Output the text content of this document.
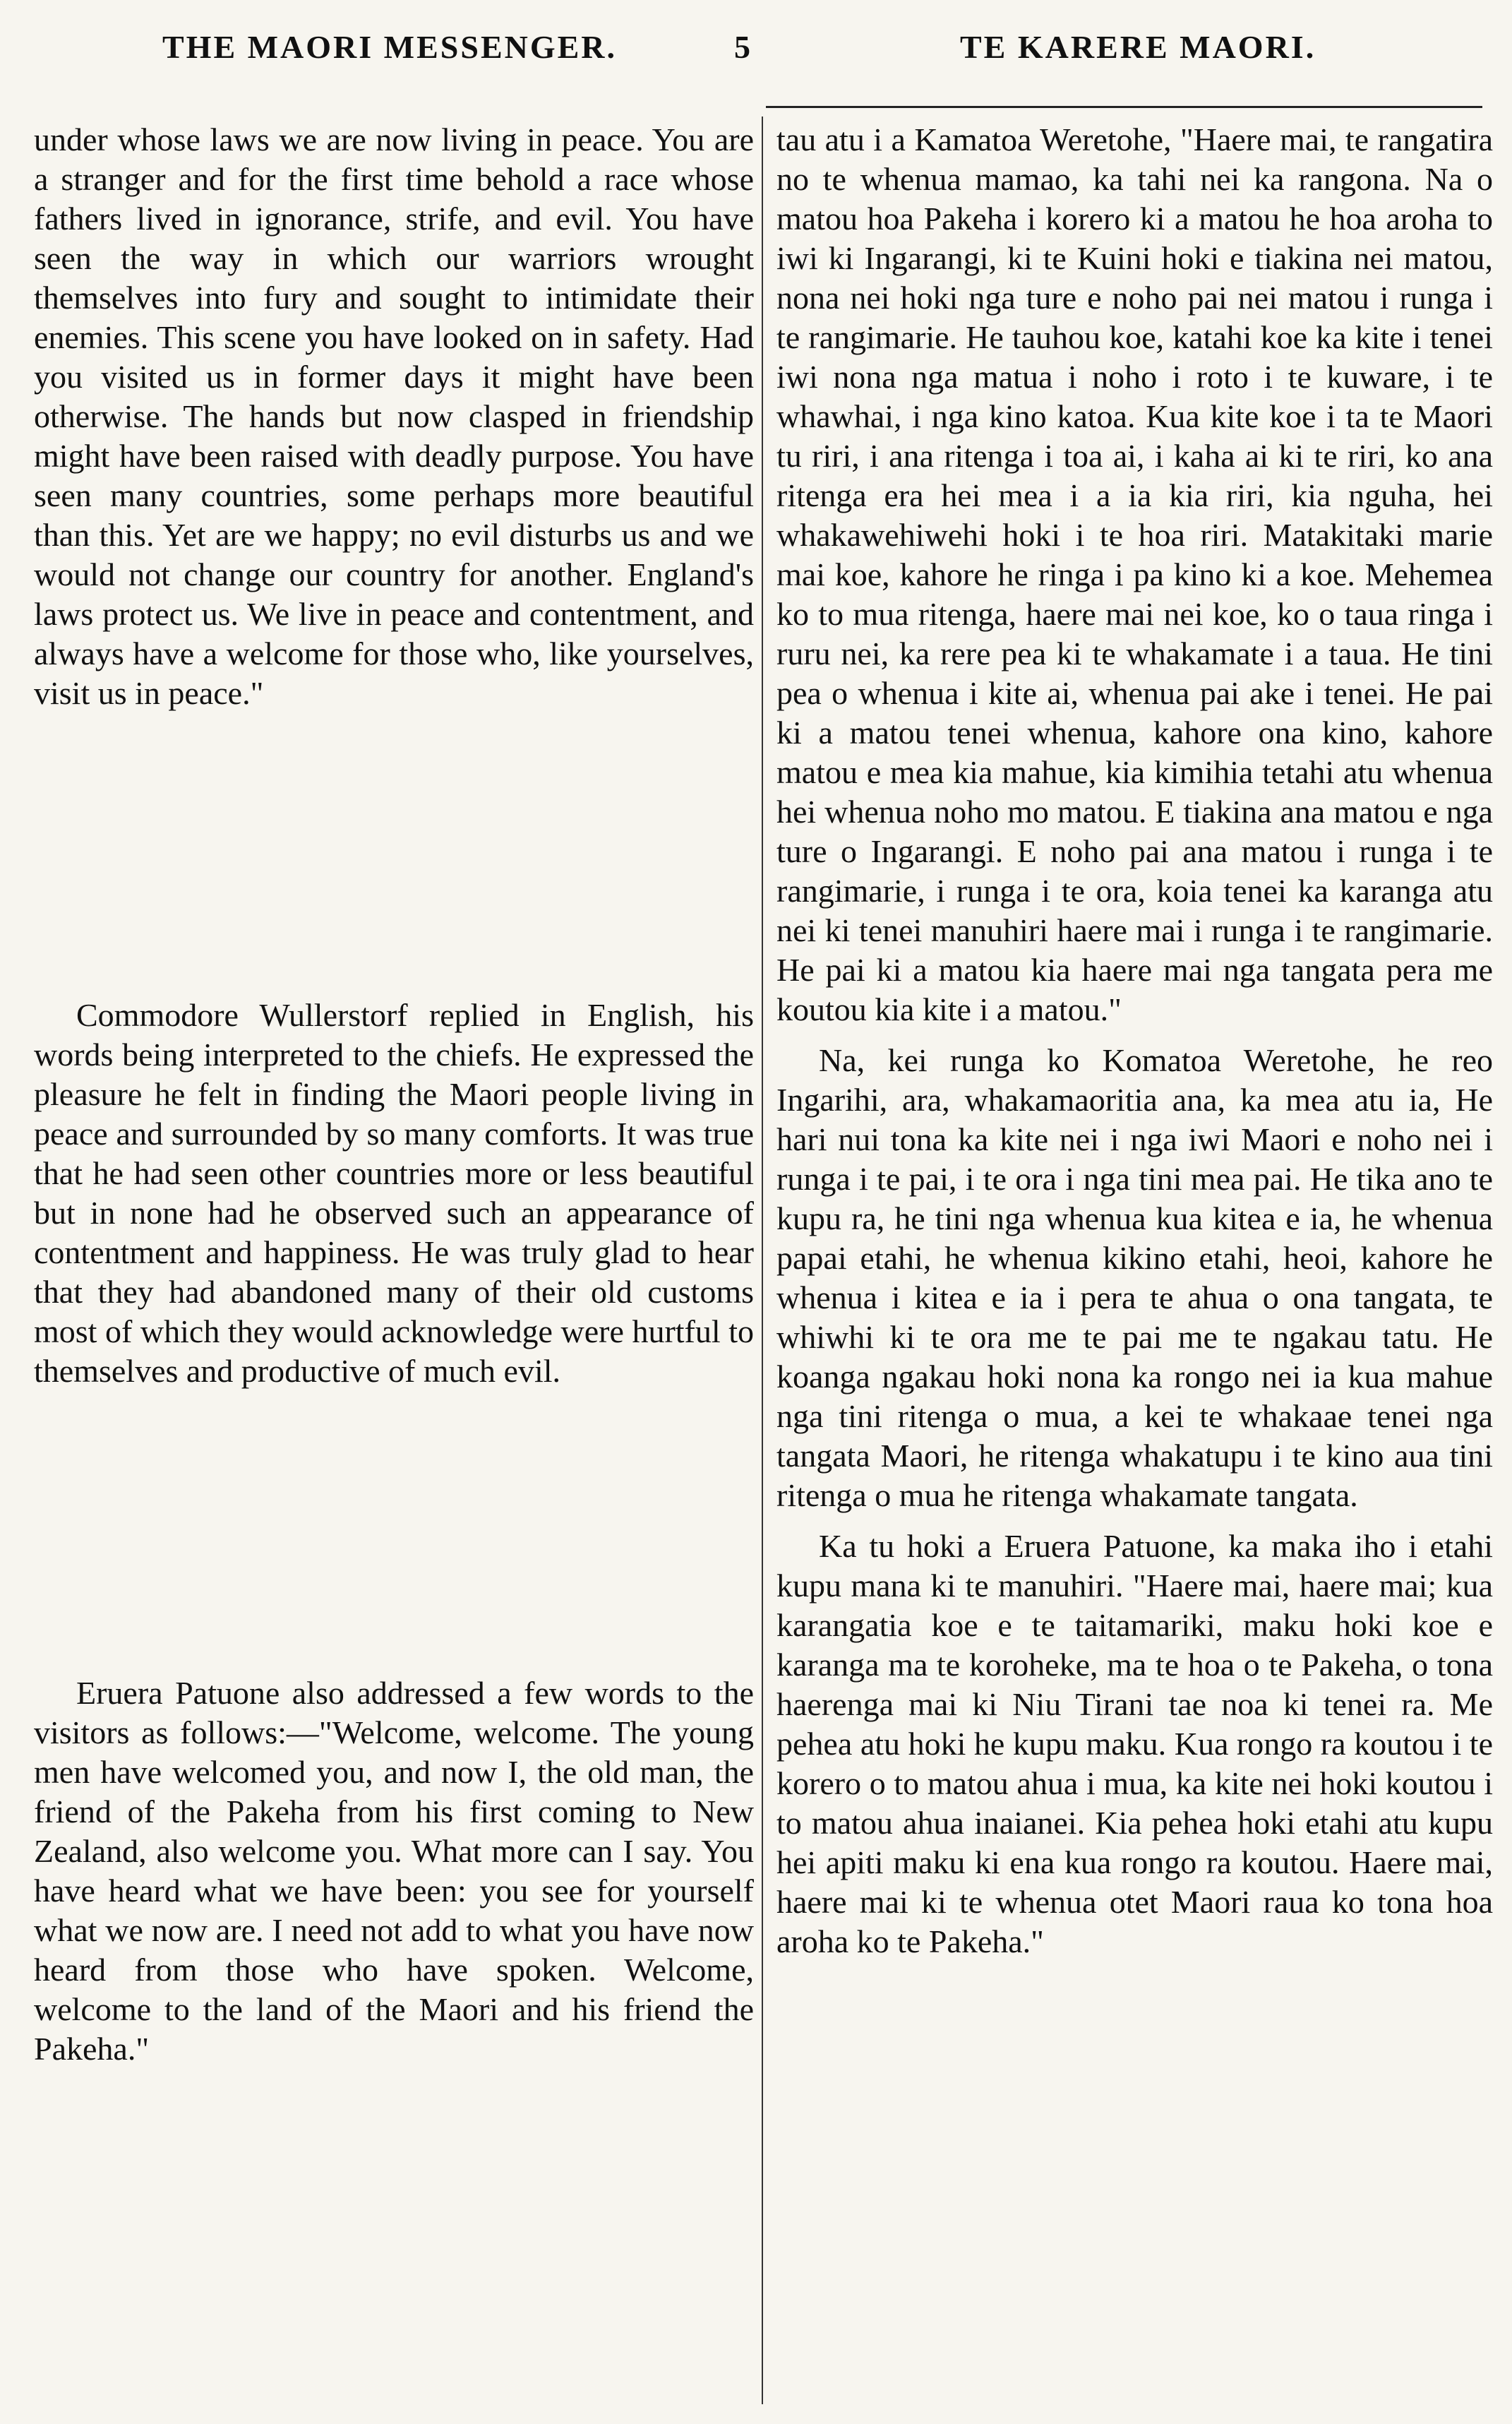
THE MAORI MESSENGER.	5	TE KARERE MAORI.

under whose laws we are now living in peace. You are a stranger and for the first time behold a race whose fathers lived in ignorance, strife, and evil. You have seen the way in which our warriors wrought themselves into fury and sought to intimidate their enemies. This scene you have looked on in safety. Had you visited us in former days it might have been otherwise. The hands but now clasped in friendship might have been raised with deadly purpose. You have seen many countries, some perhaps more beautiful than this. Yet are we happy; no evil disturbs us and we would not change our country for another. England's laws protect us. We live in peace and contentment, and always have a welcome for those who, like yourselves, visit us in peace."

Commodore Wullerstorf replied in English, his words being interpreted to the chiefs. He expressed the pleasure he felt in finding the Maori people living in peace and surrounded by so many comforts. It was true that he had seen other countries more or less beautiful but in none had he observed such an appearance of contentment and happiness. He was truly glad to hear that they had abandoned many of their old customs most of which they would acknowledge were hurtful to themselves and productive of much evil.

Eruera Patuone also addressed a few words to the visitors as follows:—"Welcome, welcome. The young men have welcomed you, and now I, the old man, the friend of the Pakeha from his first coming to New Zealand, also welcome you. What more can I say. You have heard what we have been: you see for yourself what we now are. I need not add to what you have now heard from those who have spoken. Welcome, welcome to the land of the Maori and his friend the Pakeha."

tau atu i a Kamatoa Weretohe, "Haere mai, te rangatira no te whenua mamao, ka tahi nei ka rangona. Na o matou hoa Pakeha i korero ki a matou he hoa aroha to iwi ki Ingarangi, ki te Kuini hoki e tiakina nei matou, nona nei hoki nga ture e noho pai nei matou i runga i te rangimarie. He tauhou koe, katahi koe ka kite i tenei iwi nona nga matua i noho i roto i te kuware, i te whawhai, i nga kino katoa. Kua kite koe i ta te Maori tu riri, i ana ritenga i toa ai, i kaha ai ki te riri, ko ana ritenga era hei mea i a ia kia riri, kia nguha, hei whakawehiwehi hoki i te hoa riri. Matakitaki marie mai koe, kahore he ringa i pa kino ki a koe. Mehemea ko to mua ritenga, haere mai nei koe, ko o taua ringa i ruru nei, ka rere pea ki te whakamate i a taua. He tini pea o whenua i kite ai, whenua pai ake i tenei. He pai ki a matou tenei whenua, kahore ona kino, kahore matou e mea kia mahue, kia kimihia tetahi atu whenua hei whenua noho mo matou. E tiakina ana matou e nga ture o Ingarangi. E noho pai ana matou i runga i te rangimarie, i runga i te ora, koia tenei ka karanga atu nei ki tenei manuhiri haere mai i runga i te rangimarie. He pai ki a matou kia haere mai nga tangata pera me koutou kia kite i a matou."

Na, kei runga ko Komatoa Weretohe, he reo Ingarihi, ara, whakamaoritia ana, ka mea atu ia, He hari nui tona ka kite nei i nga iwi Maori e noho nei i runga i te pai, i te ora i nga tini mea pai. He tika ano te kupu ra, he tini nga whenua kua kitea e ia, he whenua papai etahi, he whenua kikino etahi, heoi, kahore he whenua i kitea e ia i pera te ahua o ona tangata, te whiwhi ki te ora me te pai me te ngakau tatu. He koanga ngakau hoki nona ka rongo nei ia kua mahue nga tini ritenga o mua, a kei te whakaae tenei nga tangata Maori, he ritenga whakatupu i te kino aua tini ritenga o mua he ritenga whakamate tangata.

Ka tu hoki a Eruera Patuone, ka maka iho i etahi kupu mana ki te manuhiri. "Haere mai, haere mai; kua karangatia koe e te taitamariki, maku hoki koe e karanga ma te koroheke, ma te hoa o te Pakeha, o tona haerenga mai ki Niu Tirani tae noa ki tenei ra. Me pehea atu hoki he kupu maku. Kua rongo ra koutou i te korero o to matou ahua i mua, ka kite nei hoki koutou i to matou ahua inaianei. Kia pehea hoki etahi atu kupu hei apiti maku ki ena kua rongo ra koutou. Haere mai, haere mai ki te whenua otet Maori raua ko tona hoa aroha ko te Pakeha."
